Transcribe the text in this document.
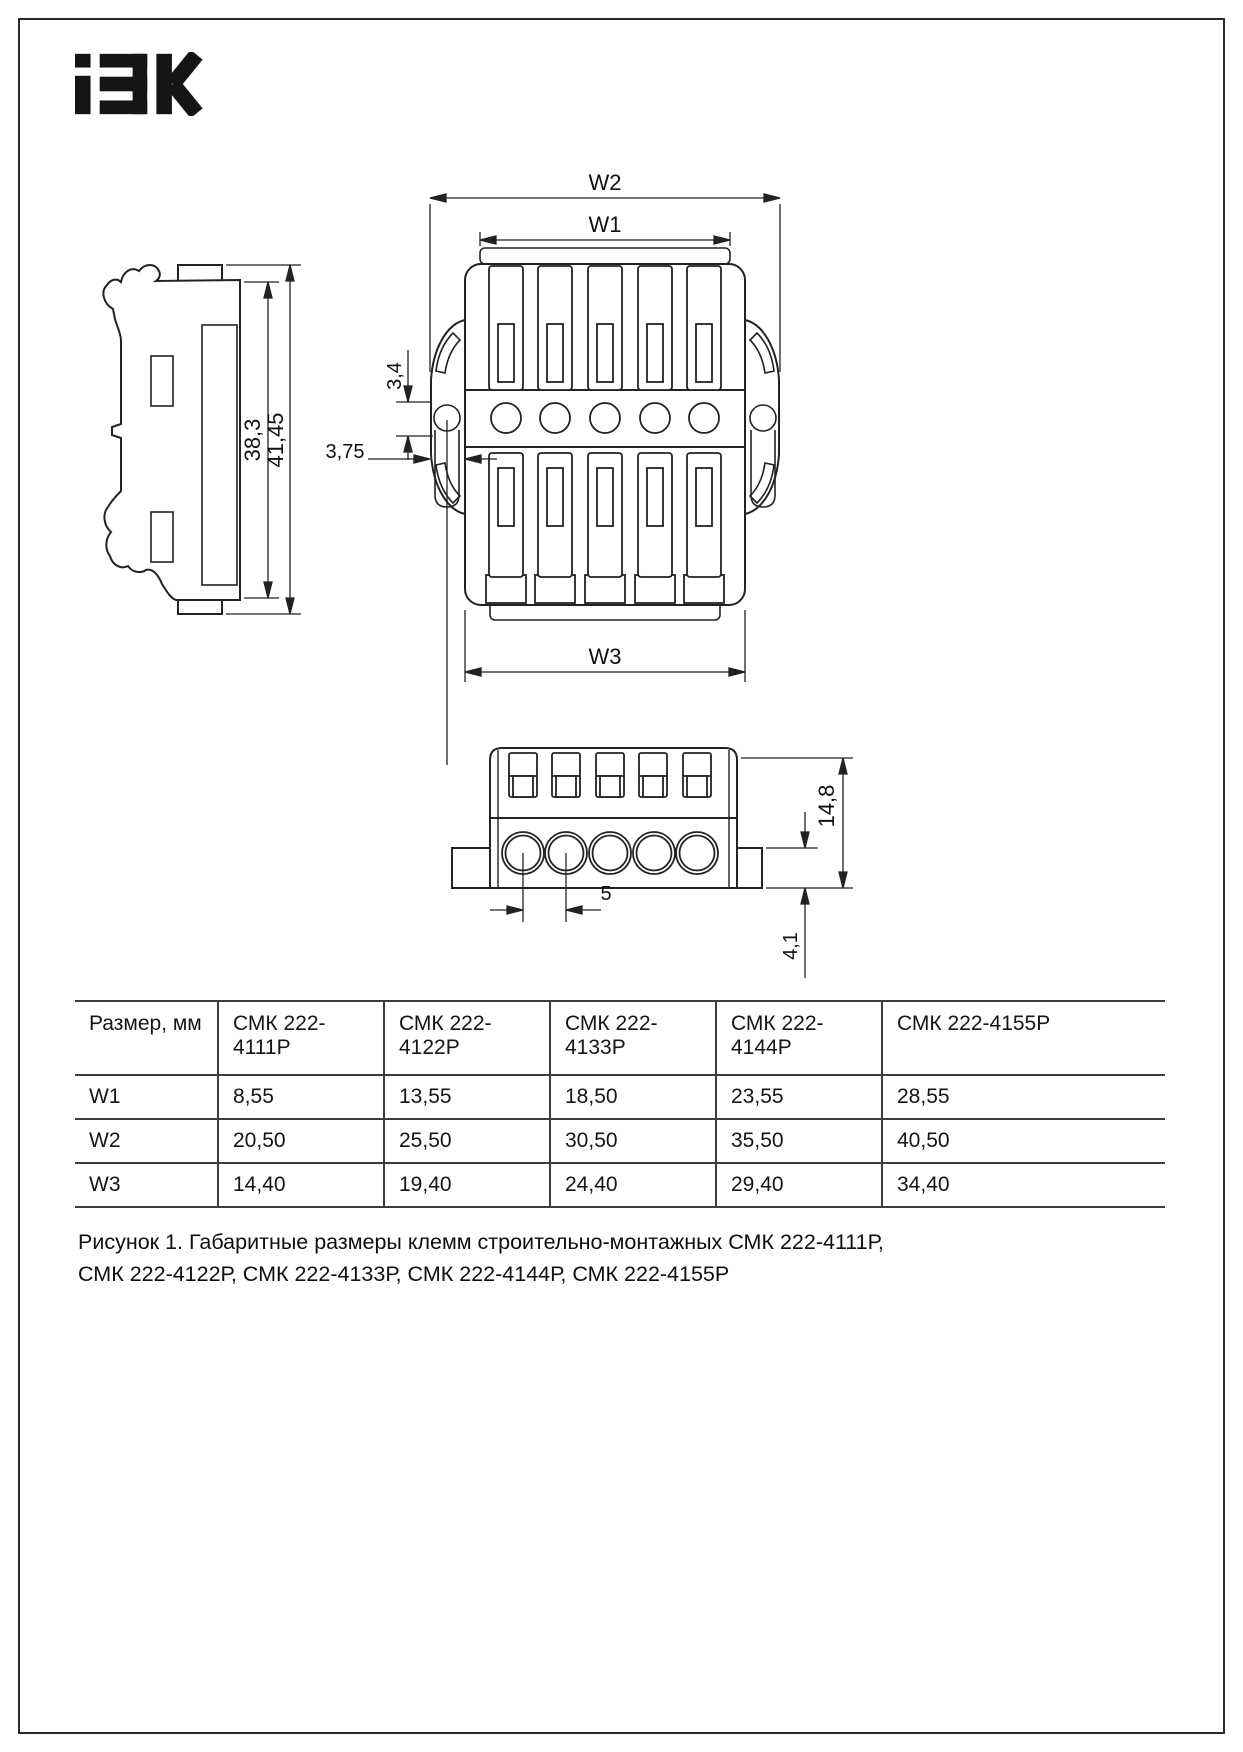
W2
W1
W3
38,3
41,45
3,4
3,75
14,8
4,1
5
Размер, мм	СМК 222-4111Р	СМК 222-4122Р	СМК 222-4133Р	СМК 222-4144Р	СМК 222-4155Р
W1	8,55	13,55	18,50	23,55	28,55
W2	20,50	25,50	30,50	35,50	40,50
W3	14,40	19,40	24,40	29,40	34,40
Рисунок 1. Габаритные размеры клемм строительно-монтажных СМК 222-4111Р,
СМК 222-4122Р, СМК 222-4133Р, СМК 222-4144Р, СМК 222-4155Р
